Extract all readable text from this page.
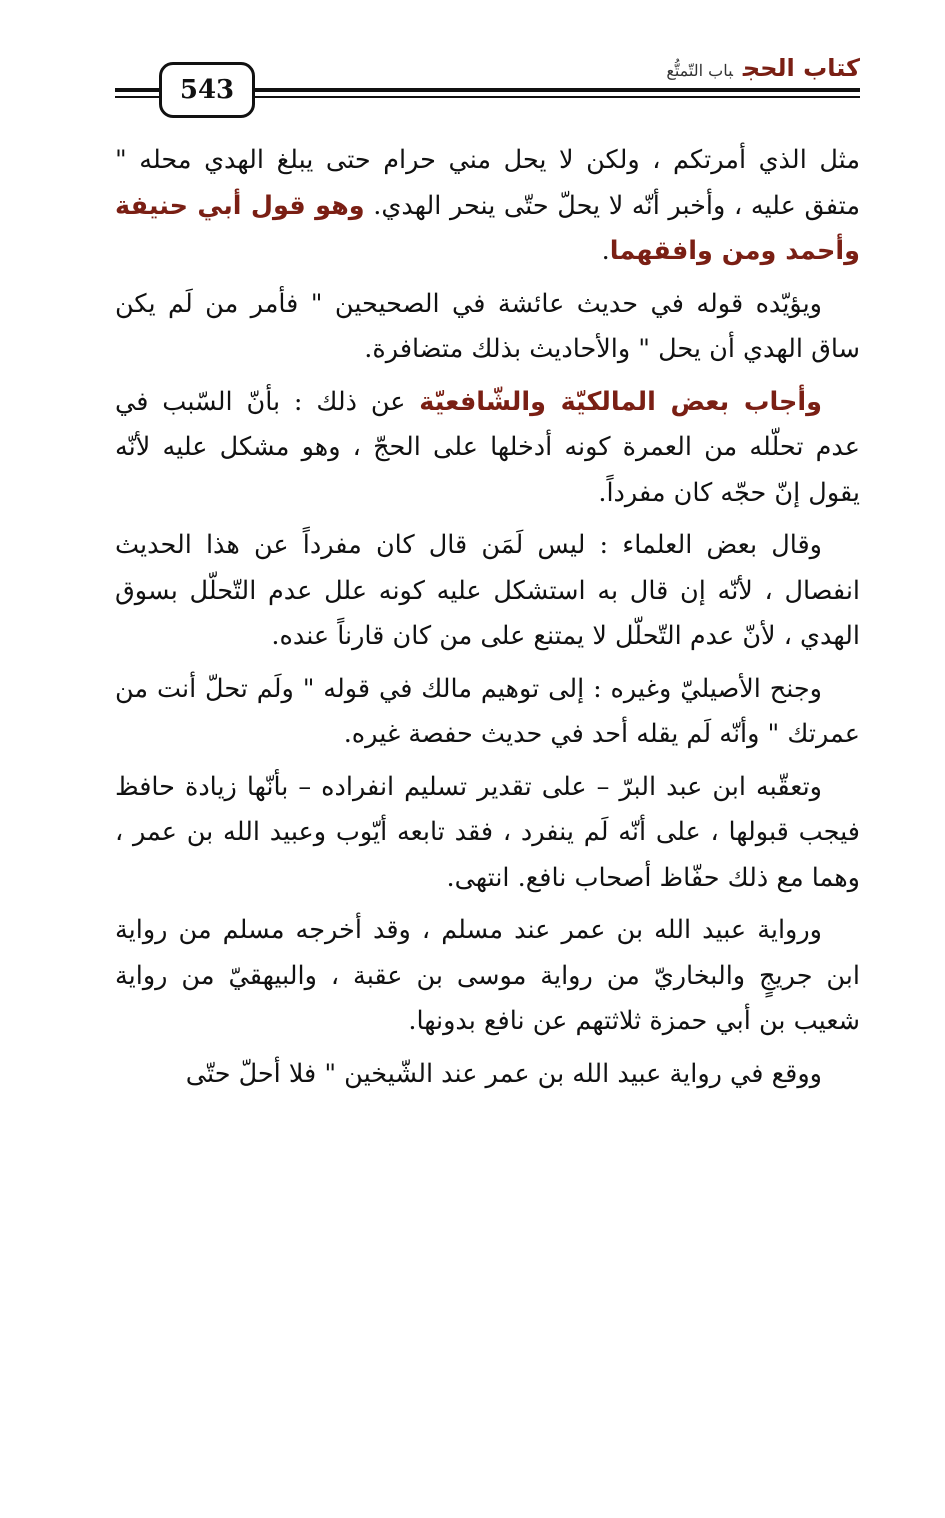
543
كتاب الحجباب التّمتُّع

مثل الذي أمرتكم ، ولكن لا يحل مني حرام حتى يبلغ الهدي محله " متفق عليه ، وأخبر أنّه لا يحلّ حتّى ينحر الهدي. وهو قول أبي حنيفة وأحمد ومن وافقهما.

ويؤيّده قوله في حديث عائشة في الصحيحين " فأمر من لَم يكن ساق الهدي أن يحل " والأحاديث بذلك متضافرة.

وأجاب بعض المالكيّة والشّافعيّة عن ذلك : بأنّ السّبب في عدم تحلّله من العمرة كونه أدخلها على الحجّ ، وهو مشكل عليه لأنّه يقول إنّ حجّه كان مفرداً.

وقال بعض العلماء : ليس لَمَن قال كان مفرداً عن هذا الحديث انفصال ، لأنّه إن قال به استشكل عليه كونه علل عدم التّحلّل بسوق الهدي ، لأنّ عدم التّحلّل لا يمتنع على من كان قارناً عنده.

وجنح الأصيليّ وغيره : إلى توهيم مالك في قوله " ولَم تحلّ أنت من عمرتك " وأنّه لَم يقله أحد في حديث حفصة غيره.

وتعقّبه ابن عبد البرّ – على تقدير تسليم انفراده – بأنّها زيادة حافظ فيجب قبولها ، على أنّه لَم ينفرد ، فقد تابعه أيّوب وعبيد الله بن عمر ، وهما مع ذلك حفّاظ أصحاب نافع. انتهى.

ورواية عبيد الله بن عمر عند مسلم ، وقد أخرجه مسلم من رواية ابن جريجٍ والبخاريّ من رواية موسى بن عقبة ، والبيهقيّ من رواية شعيب بن أبي حمزة ثلاثتهم عن نافع بدونها.

ووقع في رواية عبيد الله بن عمر عند الشّيخين " فلا أحلّ حتّى
